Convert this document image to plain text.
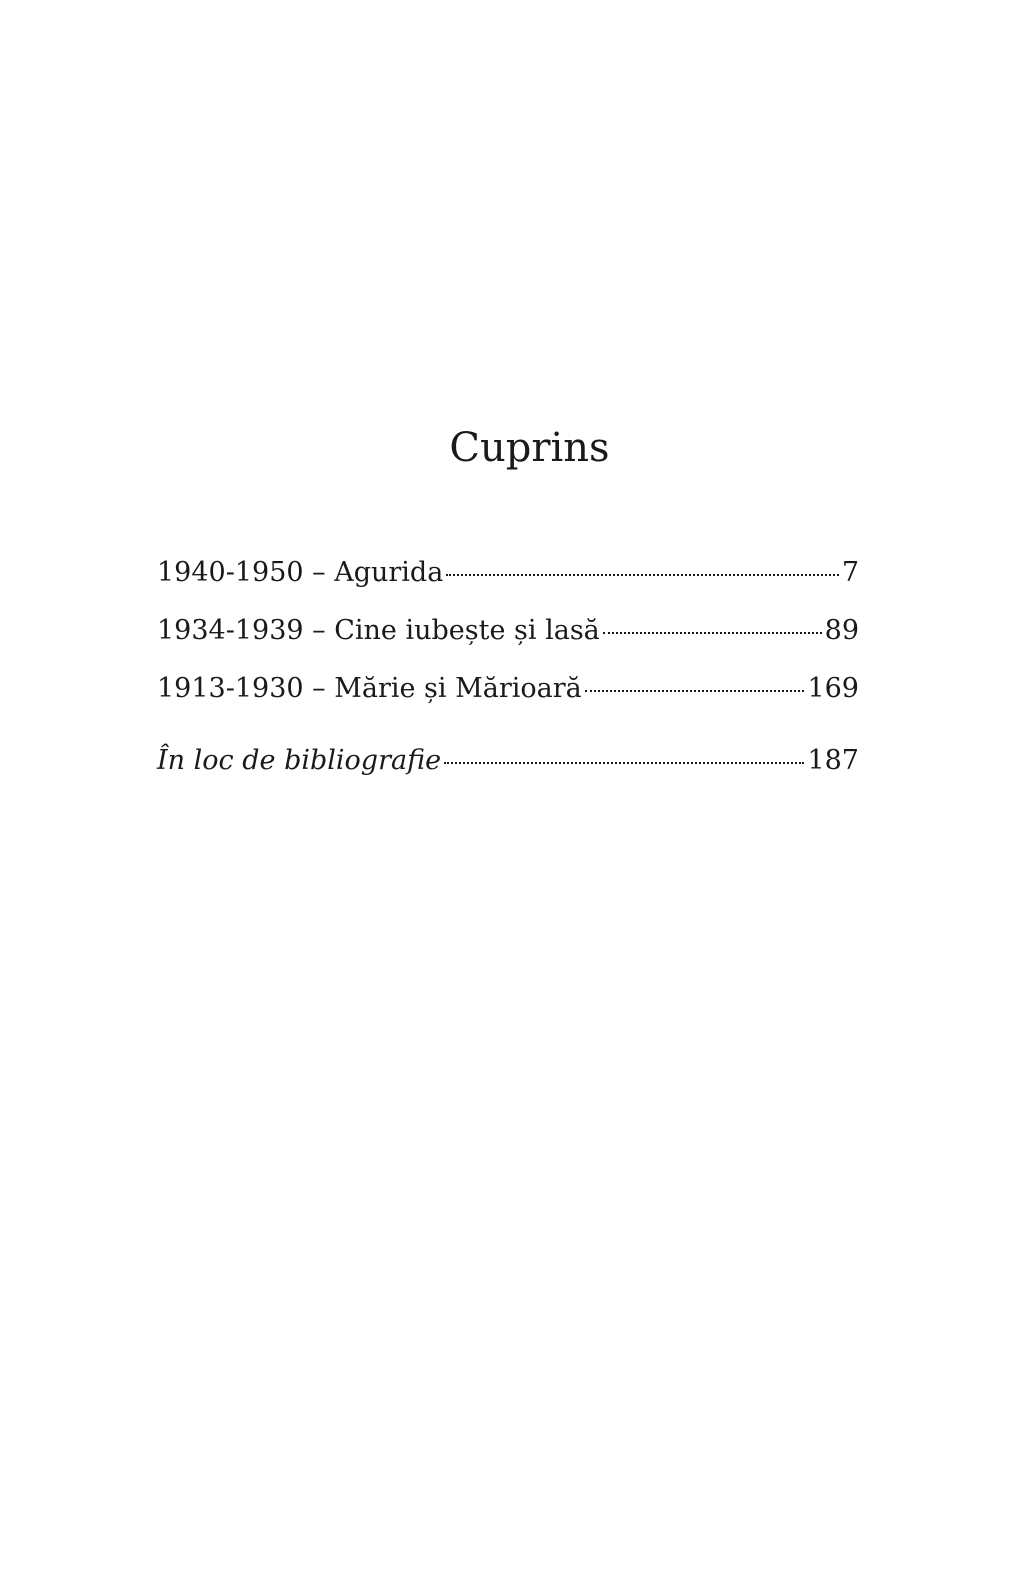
Cuprins
1940-1950 – Agurida	7
1934-1939 – Cine iubește și lasă	89
1913-1930 – Mărie și Mărioară	169
În loc de bibliografie	187
